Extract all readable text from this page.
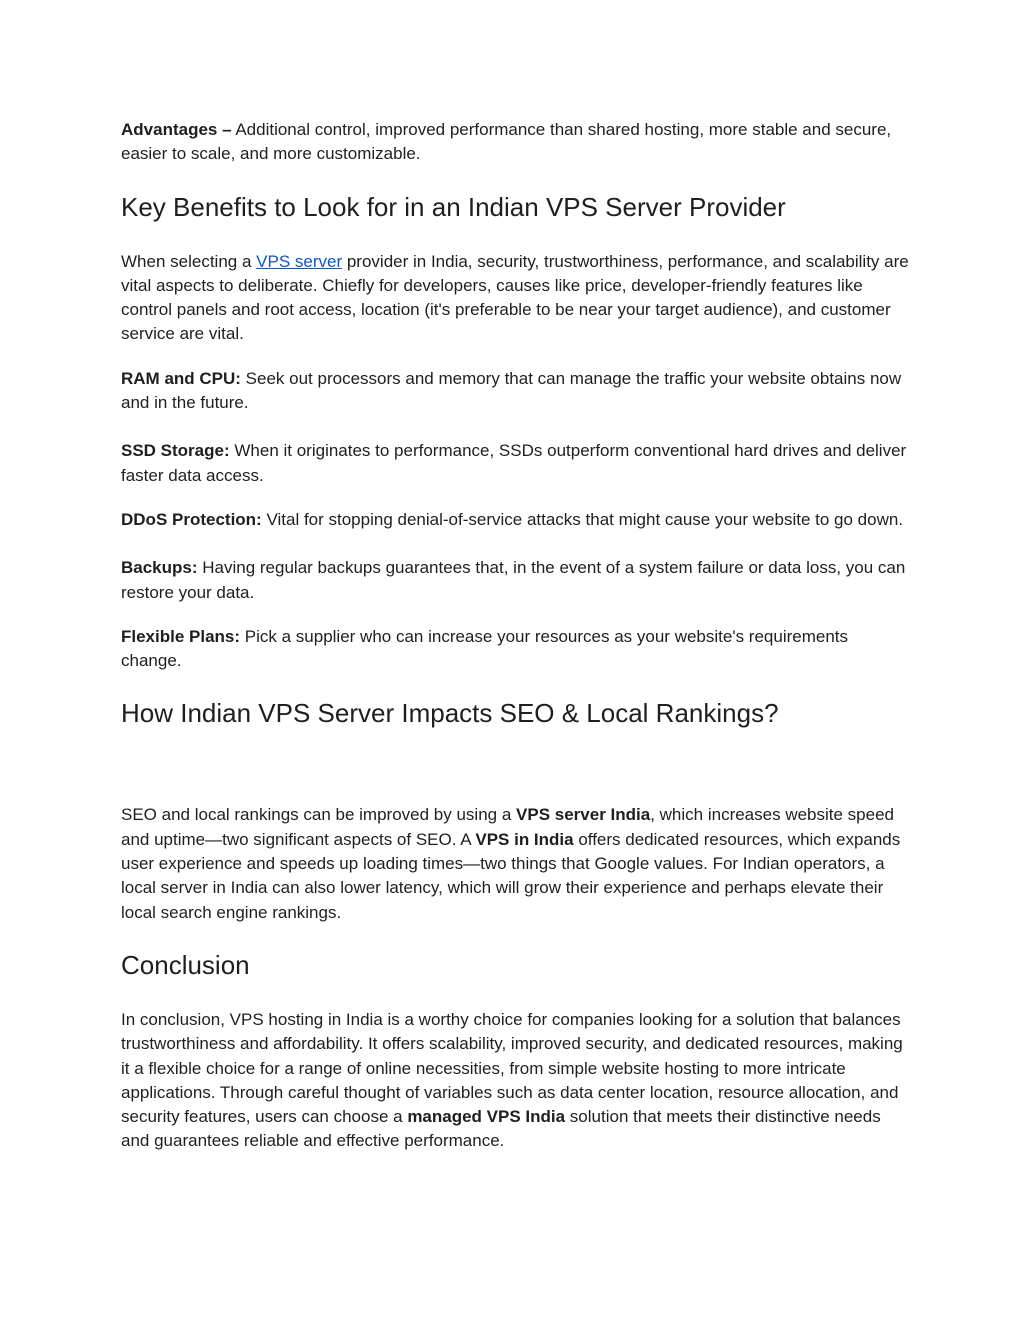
Advantages – Additional control, improved performance than shared hosting, more stable and secure, easier to scale, and more customizable.

Key Benefits to Look for in an Indian VPS Server Provider

When selecting a VPS server provider in India, security, trustworthiness, performance, and scalability are vital aspects to deliberate. Chiefly for developers, causes like price, developer-friendly features like control panels and root access, location (it's preferable to be near your target audience), and customer service are vital.

RAM and CPU: Seek out processors and memory that can manage the traffic your website obtains now and in the future.

SSD Storage: When it originates to performance, SSDs outperform conventional hard drives and deliver faster data access.

DDoS Protection: Vital for stopping denial-of-service attacks that might cause your website to go down.

Backups: Having regular backups guarantees that, in the event of a system failure or data loss, you can restore your data.

Flexible Plans: Pick a supplier who can increase your resources as your website's requirements change.

How Indian VPS Server Impacts SEO & Local Rankings?

SEO and local rankings can be improved by using a VPS server India, which increases website speed and uptime—two significant aspects of SEO. A VPS in India offers dedicated resources, which expands user experience and speeds up loading times—two things that Google values. For Indian operators, a local server in India can also lower latency, which will grow their experience and perhaps elevate their local search engine rankings.

Conclusion

In conclusion, VPS hosting in India is a worthy choice for companies looking for a solution that balances trustworthiness and affordability. It offers scalability, improved security, and dedicated resources, making it a flexible choice for a range of online necessities, from simple website hosting to more intricate applications. Through careful thought of variables such as data center location, resource allocation, and security features, users can choose a managed VPS India solution that meets their distinctive needs and guarantees reliable and effective performance.
